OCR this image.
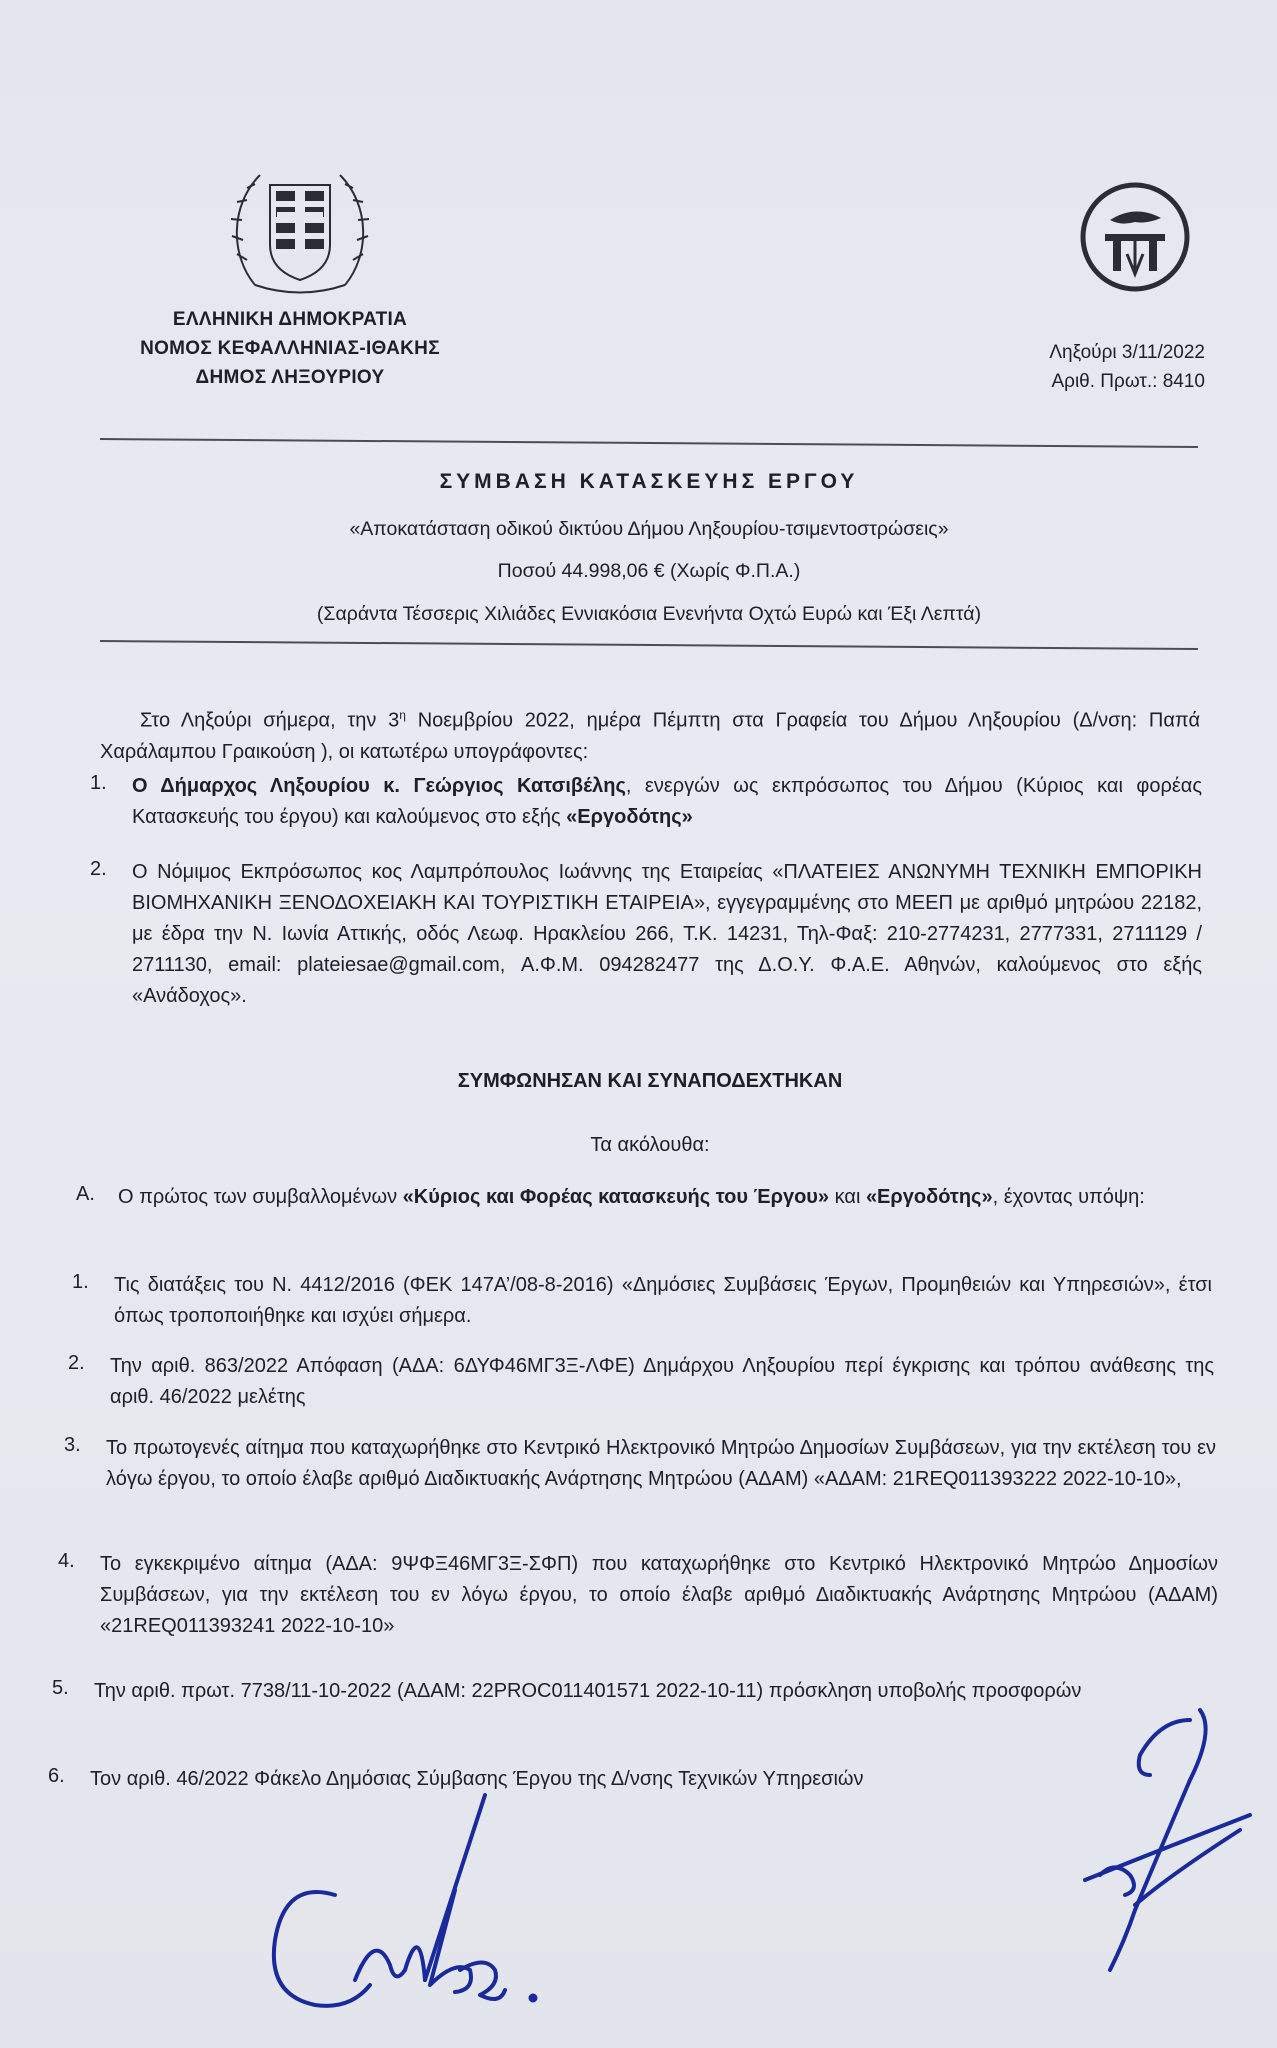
ΕΛΛΗΝΙΚΗ ΔΗΜΟΚΡΑΤΙΑ
ΝΟΜΟΣ ΚΕΦΑΛΛΗΝΙΑΣ-ΙΘΑΚΗΣ
ΔΗΜΟΣ ΛΗΞΟΥΡΙΟΥ
Ληξούρι 3/11/2022
Αριθ. Πρωτ.: 8410
ΣΥΜΒΑΣΗ ΚΑΤΑΣΚΕΥΗΣ ΕΡΓΟΥ
«Αποκατάσταση οδικού δικτύου Δήμου Ληξουρίου-τσιμεντοστρώσεις»
Ποσού 44.998,06 € (Χωρίς Φ.Π.Α.)
(Σαράντα Τέσσερις Χιλιάδες Εννιακόσια Ενενήντα Οχτώ Ευρώ και Έξι Λεπτά)
Στο Ληξούρι σήμερα, την $3^\eta$ Νοεμβρίου 2022, ημέρα Πέμπτη στα Γραφεία του Δήμου Ληξουρίου (Δ/νση: Παπά Χαράλαμπου Γραικούση ), οι κατωτέρω υπογράφοντες:
1. Ο Δήμαρχος Ληξουρίου κ. Γεώργιος Κατσιβέλης, ενεργών ως εκπρόσωπος του Δήμου (Κύριος και φορέας Κατασκευής του έργου) και καλούμενος στο εξής «Εργοδότης»
2. Ο Νόμιμος Εκπρόσωπος κος Λαμπρόπουλος Ιωάννης της Εταιρείας «ΠΛΑΤΕΙΕΣ ΑΝΩΝΥΜΗ ΤΕΧΝΙΚΗ ΕΜΠΟΡΙΚΗ ΒΙΟΜΗΧΑΝΙΚΗ ΞΕΝΟΔΟΧΕΙΑΚΗ ΚΑΙ ΤΟΥΡΙΣΤΙΚΗ ΕΤΑΙΡΕΙΑ», εγγεγραμμένης στο ΜΕΕΠ με αριθμό μητρώου 22182, με έδρα την Ν. Ιωνία Αττικής, οδός Λεωφ. Ηρακλείου 266, Τ.Κ. 14231, Τηλ-Φαξ: 210-2774231, 2777331, 2711129 / 2711130, email: plateiesae@gmail.com, Α.Φ.Μ. 094282477 της Δ.Ο.Υ. Φ.Α.Ε. Αθηνών, καλούμενος στο εξής «Ανάδοχος».
ΣΥΜΦΩΝΗΣΑΝ ΚΑΙ ΣΥΝΑΠΟΔΕΧΤΗΚΑΝ
Τα ακόλουθα:
Α. Ο πρώτος των συμβαλλομένων «Κύριος και Φορέας κατασκευής του Έργου» και «Εργοδότης», έχοντας υπόψη:
1. Τις διατάξεις του Ν. 4412/2016 (ΦΕΚ 147Α’/08-8-2016) «Δημόσιες Συμβάσεις Έργων, Προμηθειών και Υπηρεσιών», έτσι όπως τροποποιήθηκε και ισχύει σήμερα.
2. Την αριθ. 863/2022 Απόφαση (ΑΔΑ: 6ΔΥΦ46ΜΓ3Ξ-ΛΦΕ) Δημάρχου Ληξουρίου περί έγκρισης και τρόπου ανάθεσης της αριθ. 46/2022 μελέτης
3. Το πρωτογενές αίτημα που καταχωρήθηκε στο Κεντρικό Ηλεκτρονικό Μητρώο Δημοσίων Συμβάσεων, για την εκτέλεση του εν λόγω έργου, το οποίο έλαβε αριθμό Διαδικτυακής Ανάρτησης Μητρώου (ΑΔΑΜ) «ΑΔΑΜ: 21REQ011393222 2022-10-10»,
4. Το εγκεκριμένο αίτημα (ΑΔΑ: 9ΨΦΞ46ΜΓ3Ξ-ΣΦΠ) που καταχωρήθηκε στο Κεντρικό Ηλεκτρονικό Μητρώο Δημοσίων Συμβάσεων, για την εκτέλεση του εν λόγω έργου, το οποίο έλαβε αριθμό Διαδικτυακής Ανάρτησης Μητρώου (ΑΔΑΜ) «21REQ011393241 2022-10-10»
5. Την αριθ. πρωτ. 7738/11-10-2022 (ΑΔΑΜ: 22PROC011401571 2022-10-11) πρόσκληση υποβολής προσφορών
6. Τον αριθ. 46/2022 Φάκελο Δημόσιας Σύμβασης Έργου της Δ/νσης Τεχνικών Υπηρεσιών
